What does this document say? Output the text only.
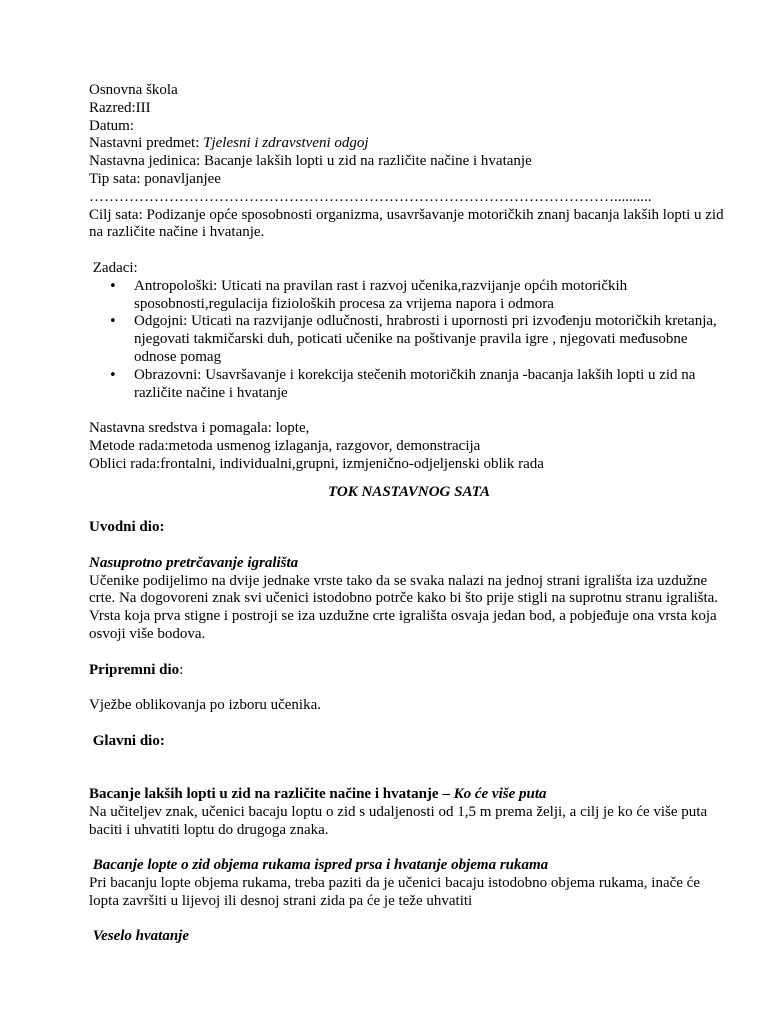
Osnovna škola

Razred:III

Datum:

Nastavni predmet: Tjelesni i zdravstveni odgoj

Nastavna jedinica: Bacanje lakših lopti u zid na različite načine i hvatanje

Tip sata: ponavljanjee

……………………………………………………………………………………………..........

Cilj sata: Podizanje opće sposobnosti organizma, usavršavanje motoričkih znanj bacanja lakših lopti u zid na različite načine i hvatanje.

Zadaci:

• Antropološki: Uticati na pravilan rast i razvoj učenika,razvijanje općih motoričkih sposobnosti,regulacija fizioloških procesa za vrijema napora i odmora
• Odgojni: Uticati na razvijanje odlučnosti, hrabrosti i upornosti pri izvođenju motoričkih kretanja, njegovati takmičarski duh, poticati učenike na poštivanje pravila igre , njegovati međusobne odnose pomag
• Obrazovni: Usavršavanje i korekcija stečenih motoričkih znanja -bacanja lakših lopti u zid na različite načine i hvatanje

Nastavna sredstva i pomagala: lopte,

Metode rada:metoda usmenog izlaganja, razgovor, demonstracija

Oblici rada:frontalni, individualni,grupni, izmjenično-odjeljenski oblik rada

TOK NASTAVNOG SATA

Uvodni dio:

Nasuprotno pretrčavanje igrališta

Učenike podijelimo na dvije jednake vrste tako da se svaka nalazi na jednoj strani igrališta iza uzdužne crte. Na dogovoreni znak svi učenici istodobno potrče kako bi što prije stigli na suprotnu stranu igrališta. Vrsta koja prva stigne i postroji se iza uzdužne crte igrališta osvaja jedan bod, a pobjeđuje ona vrsta koja osvoji više bodova.

Pripremni dio:

Vježbe oblikovanja po izboru učenika.

Glavni dio:

Bacanje lakših lopti u zid na različite načine i hvatanje – Ko će više puta

Na učiteljev znak, učenici bacaju loptu o zid s udaljenosti od 1,5 m prema želji, a cilj je ko će više puta baciti i uhvatiti loptu do drugoga znaka.

Bacanje lopte o zid objema rukama ispred prsa i hvatanje objema rukama

Pri bacanju lopte objema rukama, treba paziti da je učenici bacaju istodobno objema rukama, inače će lopta završiti u lijevoj ili desnoj strani zida pa će je teže uhvatiti

Veselo hvatanje
